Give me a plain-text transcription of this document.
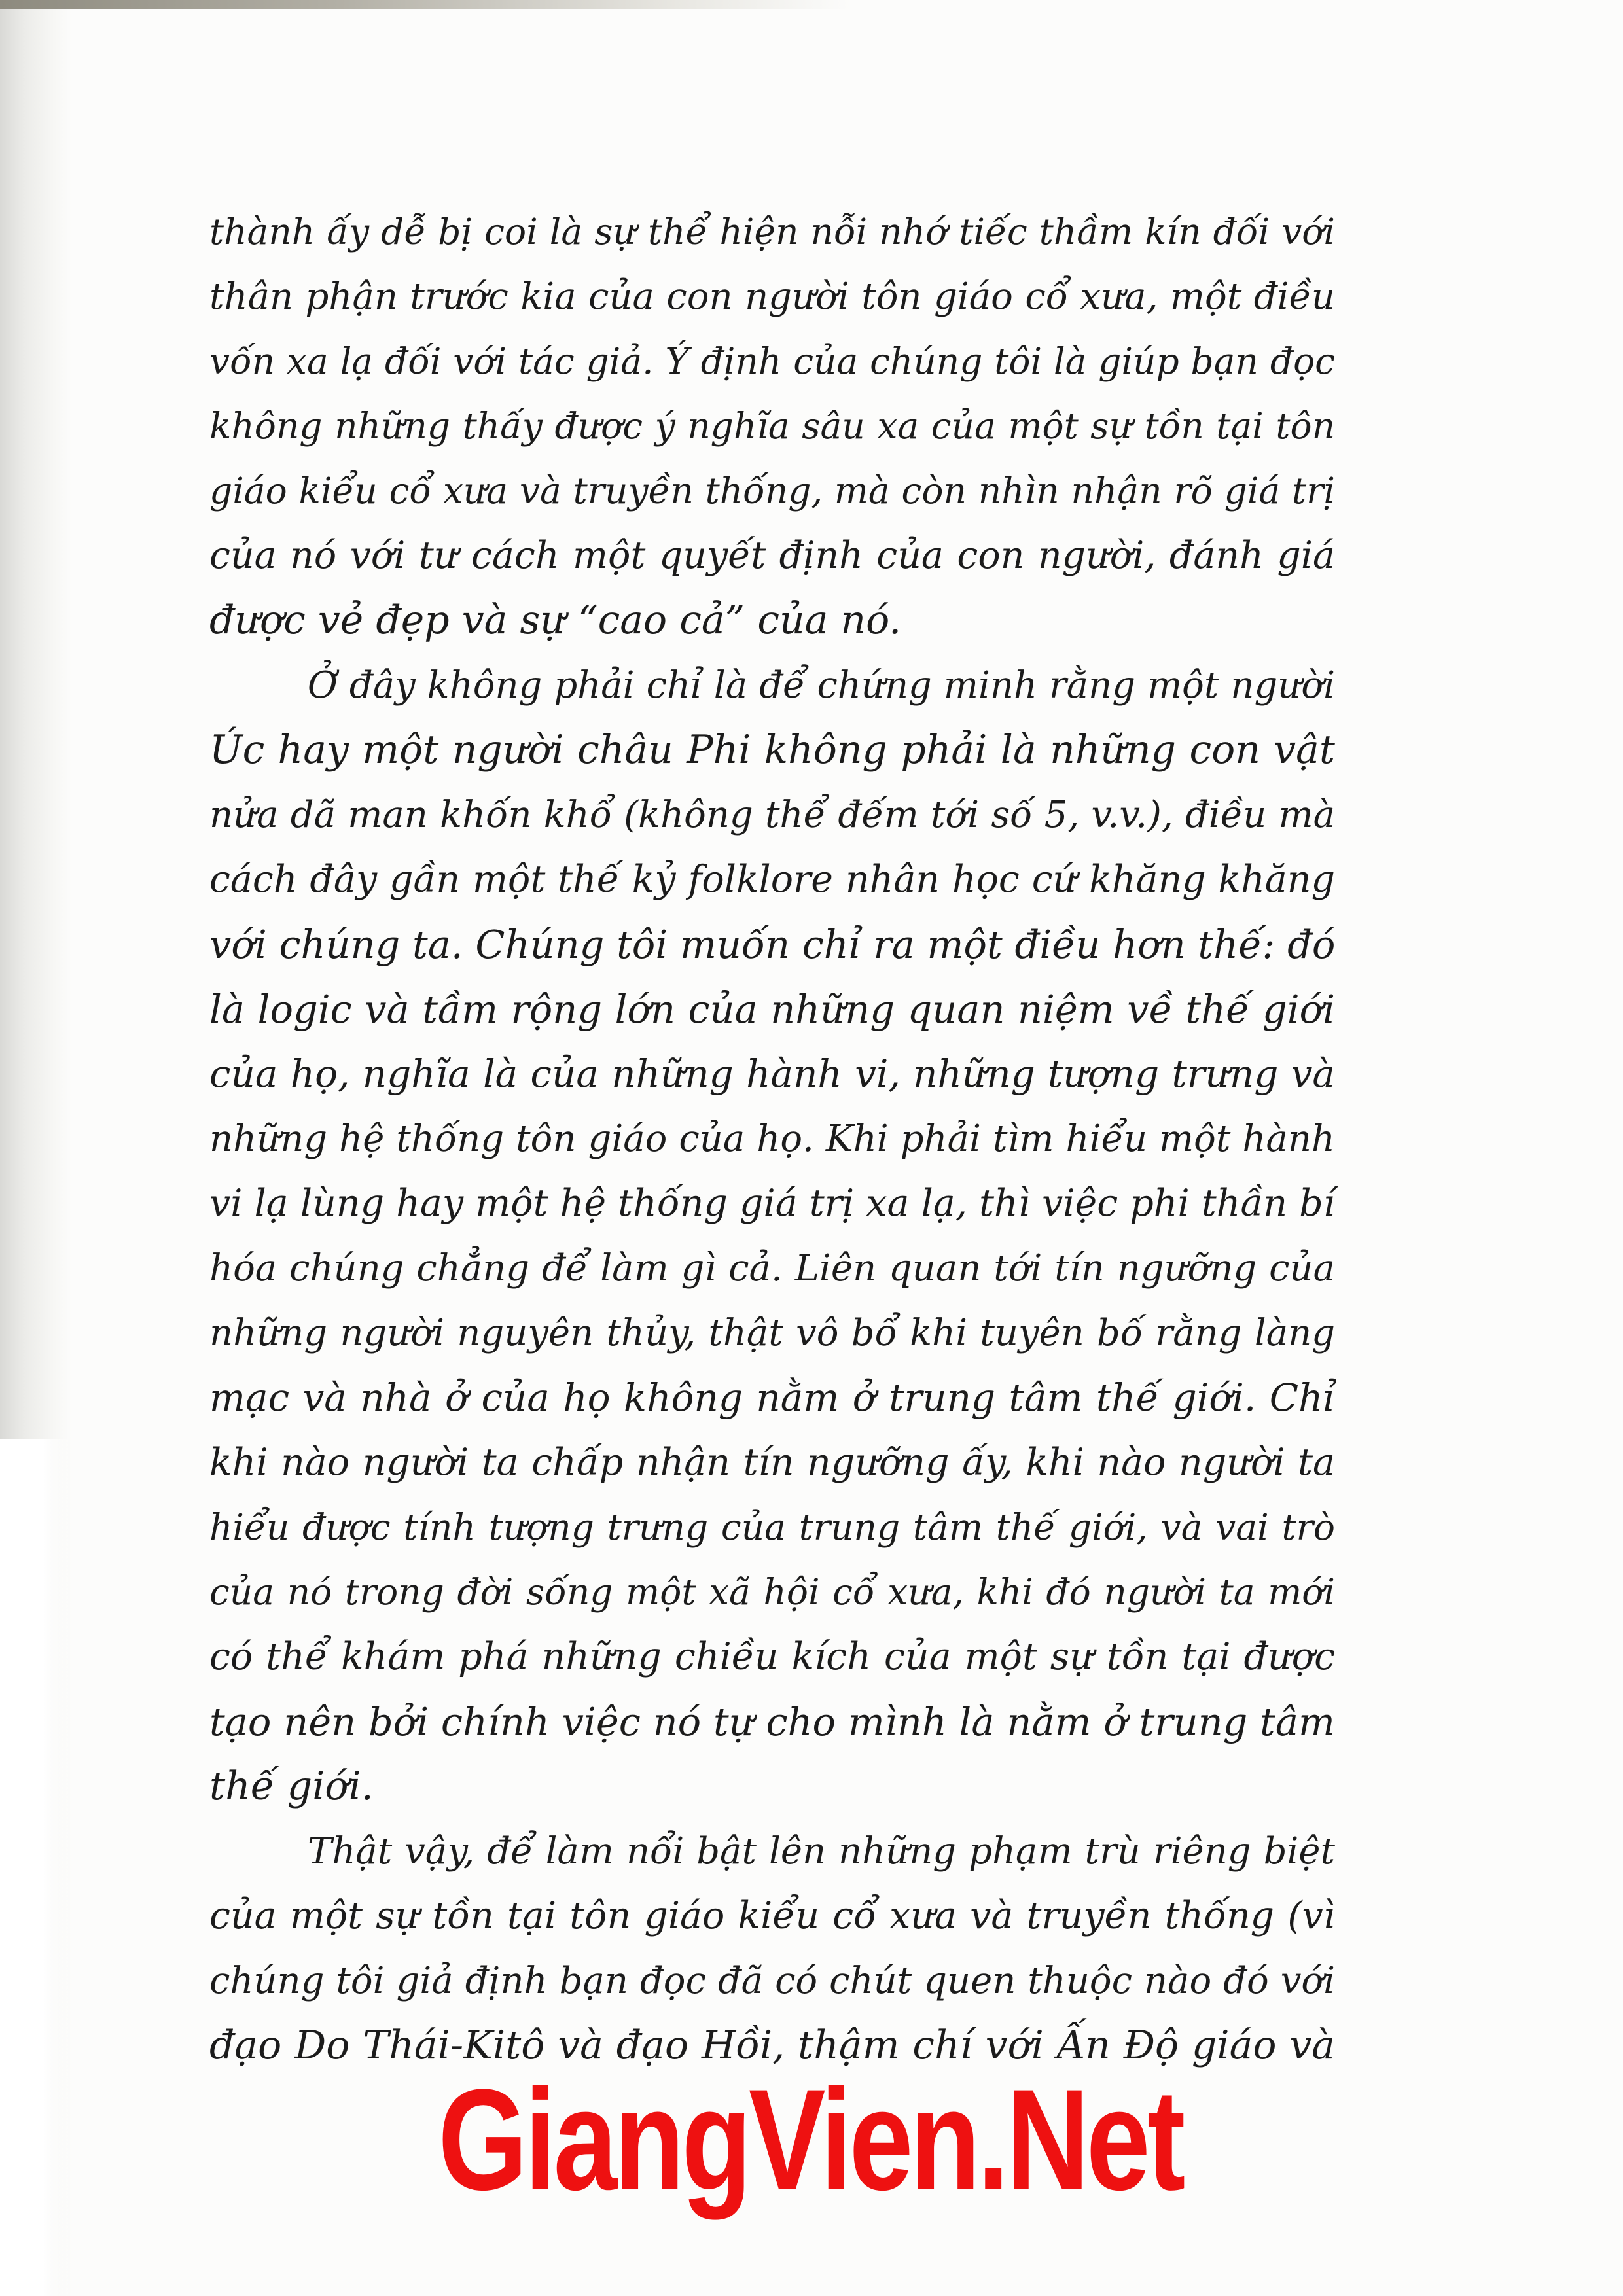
thành ấy dễ bị coi là sự thể hiện nỗi nhớ tiếc thầm kín đối với
thân phận trước kia của con người tôn giáo cổ xưa, một điều
vốn xa lạ đối với tác giả. Ý định của chúng tôi là giúp bạn đọc
không những thấy được ý nghĩa sâu xa của một sự tồn tại tôn
giáo kiểu cổ xưa và truyền thống, mà còn nhìn nhận rõ giá trị
của nó với tư cách một quyết định của con người, đánh giá
được vẻ đẹp và sự “cao cả” của nó.
Ở đây không phải chỉ là để chứng minh rằng một người
Úc hay một người châu Phi không phải là những con vật
nửa dã man khốn khổ (không thể đếm tới số 5, v.v.), điều mà
cách đây gần một thế kỷ folklore nhân học cứ khăng khăng
với chúng ta. Chúng tôi muốn chỉ ra một điều hơn thế: đó
là logic và tầm rộng lớn của những quan niệm về thế giới
của họ, nghĩa là của những hành vi, những tượng trưng và
những hệ thống tôn giáo của họ. Khi phải tìm hiểu một hành
vi lạ lùng hay một hệ thống giá trị xa lạ, thì việc phi thần bí
hóa chúng chẳng để làm gì cả. Liên quan tới tín ngưỡng của
những người nguyên thủy, thật vô bổ khi tuyên bố rằng làng
mạc và nhà ở của họ không nằm ở trung tâm thế giới. Chỉ
khi nào người ta chấp nhận tín ngưỡng ấy, khi nào người ta
hiểu được tính tượng trưng của trung tâm thế giới, và vai trò
của nó trong đời sống một xã hội cổ xưa, khi đó người ta mới
có thể khám phá những chiều kích của một sự tồn tại được
tạo nên bởi chính việc nó tự cho mình là nằm ở trung tâm
thế giới.
Thật vậy, để làm nổi bật lên những phạm trù riêng biệt
của một sự tồn tại tôn giáo kiểu cổ xưa và truyền thống (vì
chúng tôi giả định bạn đọc đã có chút quen thuộc nào đó với
đạo Do Thái-Kitô và đạo Hồi, thậm chí với Ấn Độ giáo và
GiangVien.Net
